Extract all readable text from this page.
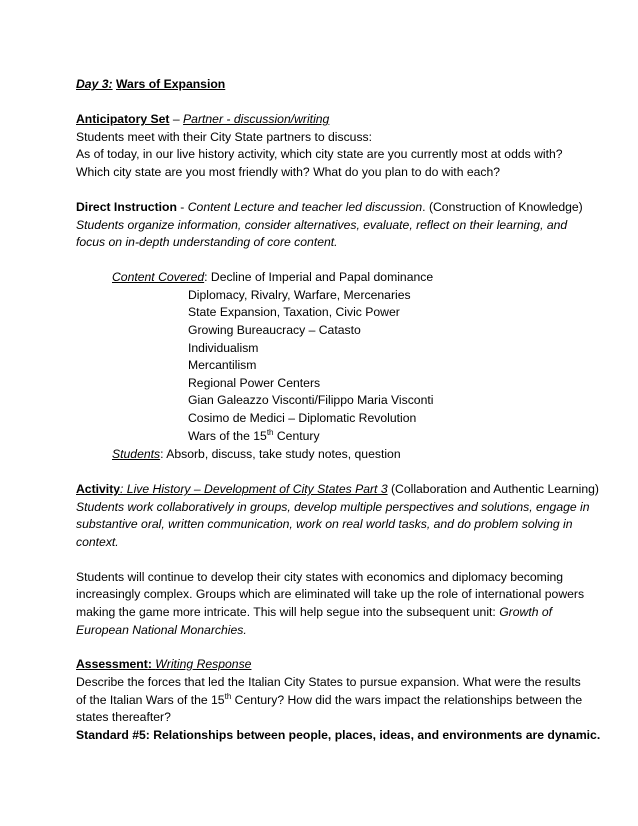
Day 3: Wars of Expansion
Anticipatory Set – Partner - discussion/writing
Students meet with their City State partners to discuss:
As of today, in our live history activity, which city state are you currently most at odds with?
Which city state are you most friendly with? What do you plan to do with each?
Direct Instruction - Content Lecture and teacher led discussion. (Construction of Knowledge)
Students organize information, consider alternatives, evaluate, reflect on their learning, and
focus on in-depth understanding of core content.
Content Covered: Decline of Imperial and Papal dominance
Diplomacy, Rivalry, Warfare, Mercenaries
State Expansion, Taxation, Civic Power
Growing Bureaucracy – Catasto
Individualism
Mercantilism
Regional Power Centers
Gian Galeazzo Visconti/Filippo Maria Visconti
Cosimo de Medici – Diplomatic Revolution
Wars of the 15th Century
Students: Absorb, discuss, take study notes, question
Activity: Live History – Development of City States Part 3 (Collaboration and Authentic Learning)
Students work collaboratively in groups, develop multiple perspectives and solutions, engage in
substantive oral, written communication, work on real world tasks, and do problem solving in
context.
Students will continue to develop their city states with economics and diplomacy becoming
increasingly complex. Groups which are eliminated will take up the role of international powers
making the game more intricate. This will help segue into the subsequent unit: Growth of
European National Monarchies.
Assessment: Writing Response
Describe the forces that led the Italian City States to pursue expansion. What were the results
of the Italian Wars of the 15th Century? How did the wars impact the relationships between the
states thereafter?
Standard #5: Relationships between people, places, ideas, and environments are dynamic.
